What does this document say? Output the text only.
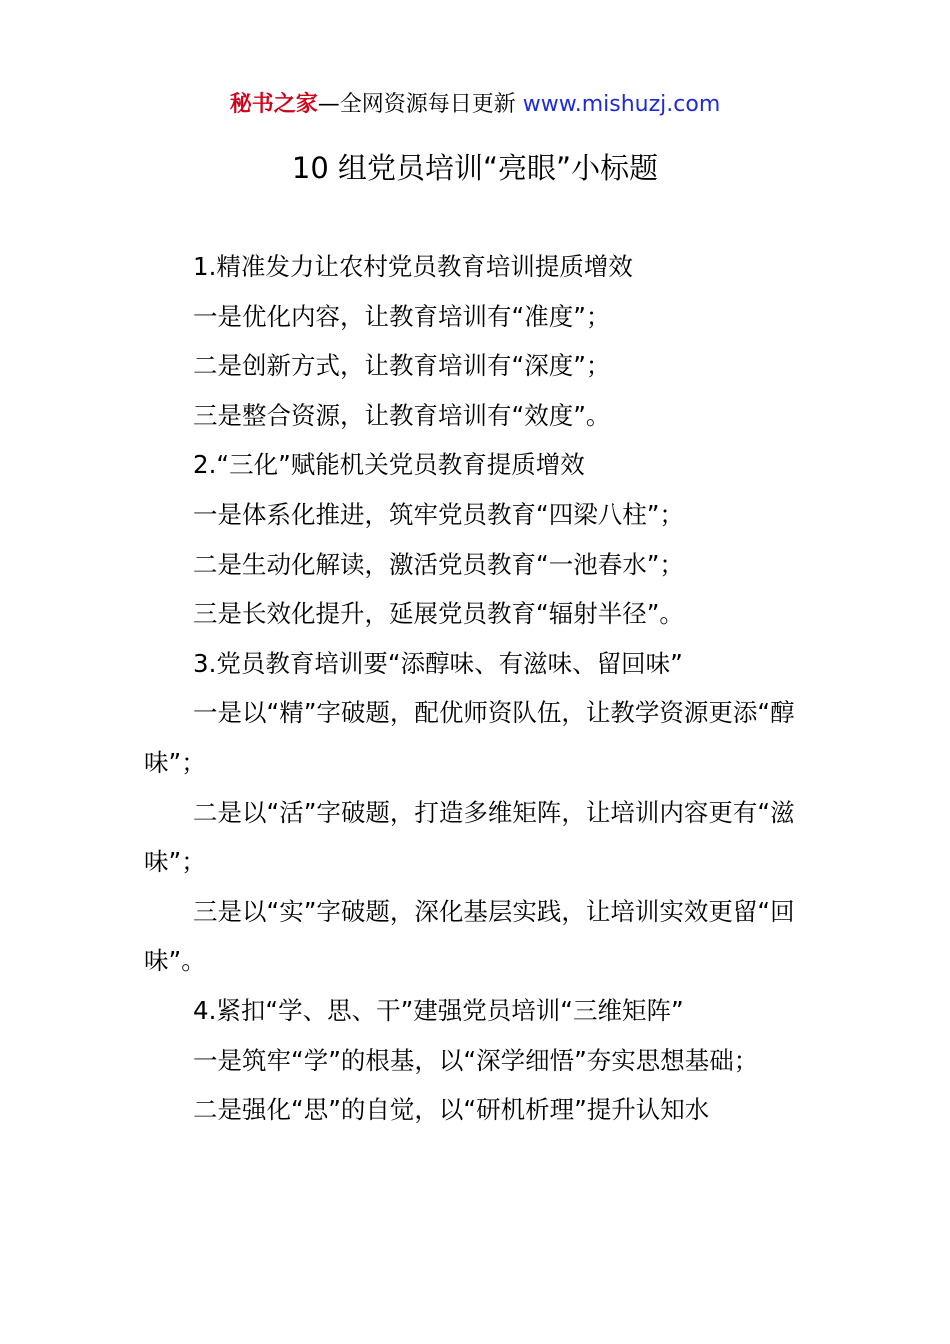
秘书之家—全网资源每日更新 www.mishuzj.com
10 组党员培训“亮眼”小标题

1.精准发力让农村党员教育培训提质增效

一是优化内容，让教育培训有“准度”；

二是创新方式，让教育培训有“深度”；

三是整合资源，让教育培训有“效度”。

2.“三化”赋能机关党员教育提质增效

一是体系化推进，筑牢党员教育“四梁八柱”；

二是生动化解读，激活党员教育“一池春水”；

三是长效化提升，延展党员教育“辐射半径”。

3.党员教育培训要“添醇味、有滋味、留回味”

一是以“精”字破题，配优师资队伍，让教学资源更添“醇味”；

二是以“活”字破题，打造多维矩阵，让培训内容更有“滋味”；

三是以“实”字破题，深化基层实践，让培训实效更留“回味”。

4.紧扣“学、思、干”建强党员培训“三维矩阵”

一是筑牢“学”的根基，以“深学细悟”夯实思想基础；

二是强化“思”的自觉，以“研机析理”提升认知水
